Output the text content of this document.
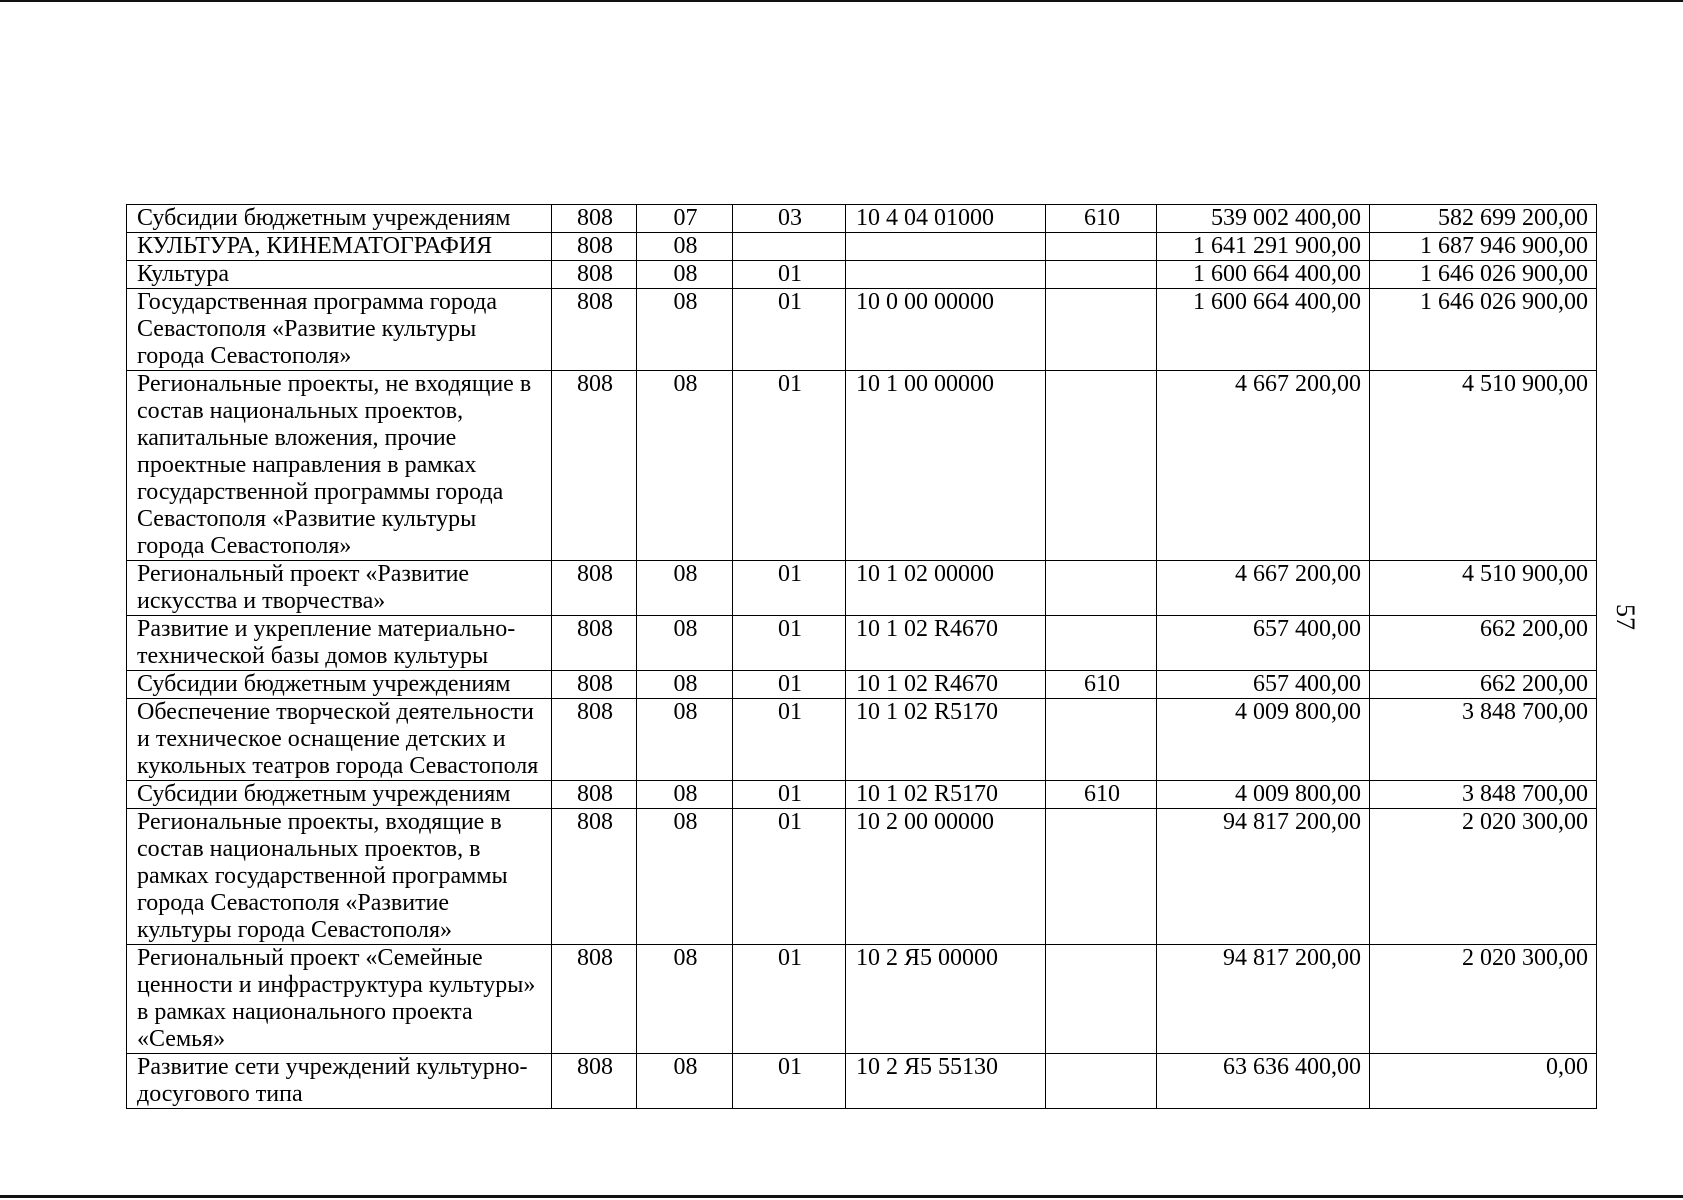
Субсидии бюджетным учреждениям	808	07	03	10 4 04 01000	610	539 002 400,00	582 699 200,00
КУЛЬТУРА, КИНЕМАТОГРАФИЯ	808	08				1 641 291 900,00	1 687 946 900,00
Культура	808	08	01			1 600 664 400,00	1 646 026 900,00
Государственная программа города Севастополя «Развитие культуры города Севастополя»	808	08	01	10 0 00 00000		1 600 664 400,00	1 646 026 900,00
Региональные проекты, не входящие в состав национальных проектов, капитальные вложения, прочие проектные направления в рамках государственной программы города Севастополя «Развитие культуры города Севастополя»	808	08	01	10 1 00 00000		4 667 200,00	4 510 900,00
Региональный проект «Развитие искусства и творчества»	808	08	01	10 1 02 00000		4 667 200,00	4 510 900,00
Развитие и укрепление материально-технической базы домов культуры	808	08	01	10 1 02 R4670		657 400,00	662 200,00
Субсидии бюджетным учреждениям	808	08	01	10 1 02 R4670	610	657 400,00	662 200,00
Обеспечение творческой деятельности и техническое оснащение детских и кукольных театров города Севастополя	808	08	01	10 1 02 R5170		4 009 800,00	3 848 700,00
Субсидии бюджетным учреждениям	808	08	01	10 1 02 R5170	610	4 009 800,00	3 848 700,00
Региональные проекты, входящие в состав национальных проектов, в рамках государственной программы города Севастополя «Развитие культуры города Севастополя»	808	08	01	10 2 00 00000		94 817 200,00	2 020 300,00
Региональный проект «Семейные ценности и инфраструктура культуры» в рамках национального проекта «Семья»	808	08	01	10 2 Я5 00000		94 817 200,00	2 020 300,00
Развитие сети учреждений культурно-досугового типа	808	08	01	10 2 Я5 55130		63 636 400,00	0,00
57
